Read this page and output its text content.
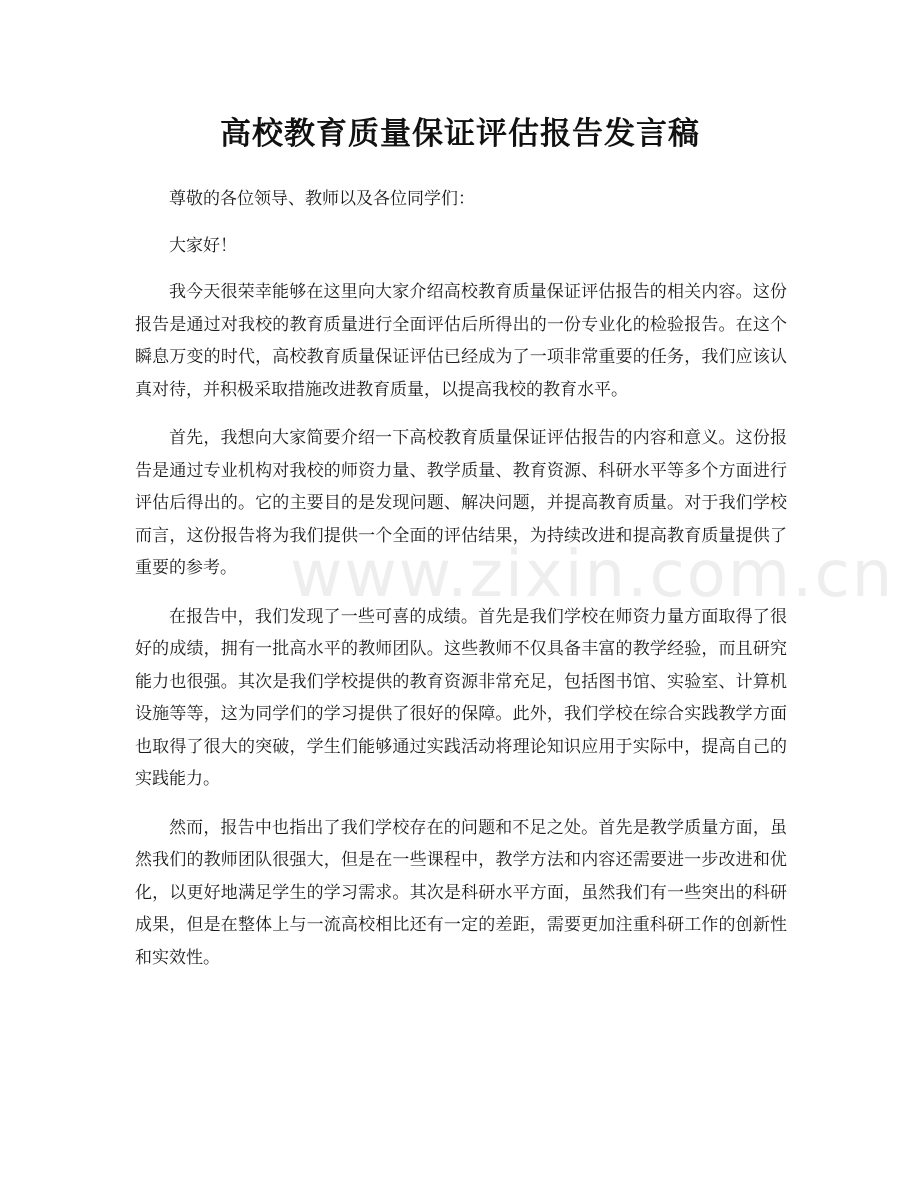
高校教育质量保证评估报告发言稿

尊敬的各位领导、教师以及各位同学们：

大家好！

我今天很荣幸能够在这里向大家介绍高校教育质量保证评估报告的相关内容。这份报告是通过对我校的教育质量进行全面评估后所得出的一份专业化的检验报告。在这个瞬息万变的时代，高校教育质量保证评估已经成为了一项非常重要的任务，我们应该认真对待，并积极采取措施改进教育质量，以提高我校的教育水平。

首先，我想向大家简要介绍一下高校教育质量保证评估报告的内容和意义。这份报告是通过专业机构对我校的师资力量、教学质量、教育资源、科研水平等多个方面进行评估后得出的。它的主要目的是发现问题、解决问题，并提高教育质量。对于我们学校而言，这份报告将为我们提供一个全面的评估结果，为持续改进和提高教育质量提供了重要的参考。

在报告中，我们发现了一些可喜的成绩。首先是我们学校在师资力量方面取得了很好的成绩，拥有一批高水平的教师团队。这些教师不仅具备丰富的教学经验，而且研究能力也很强。其次是我们学校提供的教育资源非常充足，包括图书馆、实验室、计算机设施等等，这为同学们的学习提供了很好的保障。此外，我们学校在综合实践教学方面也取得了很大的突破，学生们能够通过实践活动将理论知识应用于实际中，提高自己的实践能力。

然而，报告中也指出了我们学校存在的问题和不足之处。首先是教学质量方面，虽然我们的教师团队很强大，但是在一些课程中，教学方法和内容还需要进一步改进和优化，以更好地满足学生的学习需求。其次是科研水平方面，虽然我们有一些突出的科研成果，但是在整体上与一流高校相比还有一定的差距，需要更加注重科研工作的创新性和实效性。

www.zixin.com.cn
